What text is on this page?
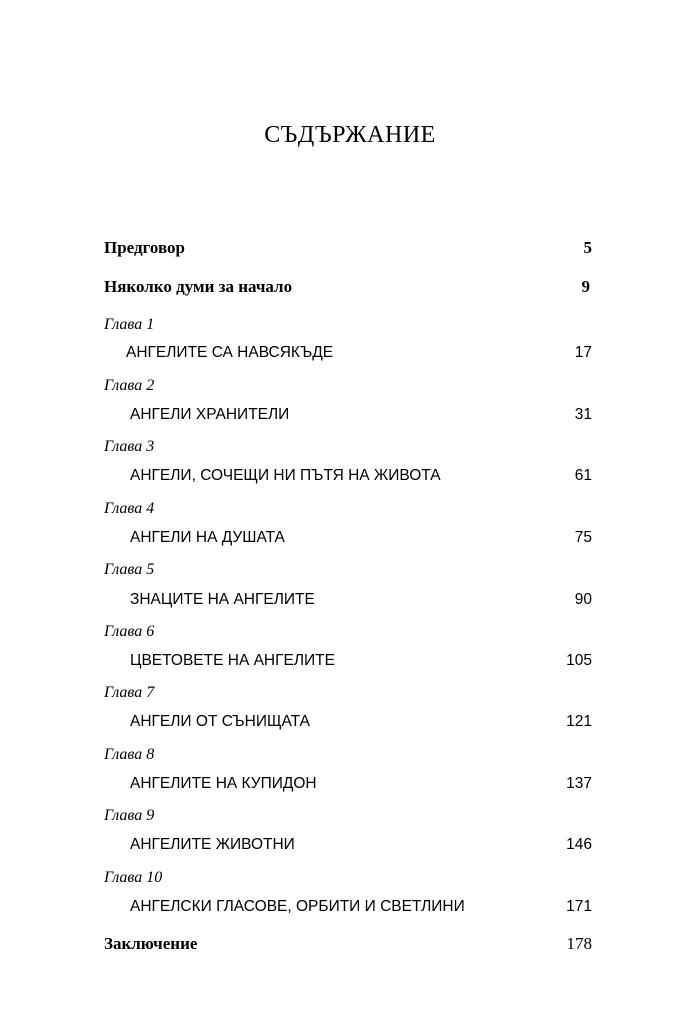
СЪДЪРЖАНИЕ
Предговор	5
Няколко думи за начало	9
Глава 1
АНГЕЛИТЕ СА НАВСЯКЪДЕ	17
Глава 2
АНГЕЛИ ХРАНИТЕЛИ	31
Глава 3
АНГЕЛИ, СОЧЕЩИ НИ ПЪТЯ НА ЖИВОТА	61
Глава 4
АНГЕЛИ НА ДУШАТА	75
Глава 5
ЗНАЦИТЕ НА АНГЕЛИТЕ	90
Глава 6
ЦВЕТОВЕТЕ НА АНГЕЛИТЕ	105
Глава 7
АНГЕЛИ ОТ СЪНИЩАТА	121
Глава 8
АНГЕЛИТЕ НА КУПИДОН	137
Глава 9
АНГЕЛИТЕ ЖИВОТНИ	146
Глава 10
АНГЕЛСКИ ГЛАСОВЕ, ОРБИТИ И СВЕТЛИНИ	171
Заключение	178
